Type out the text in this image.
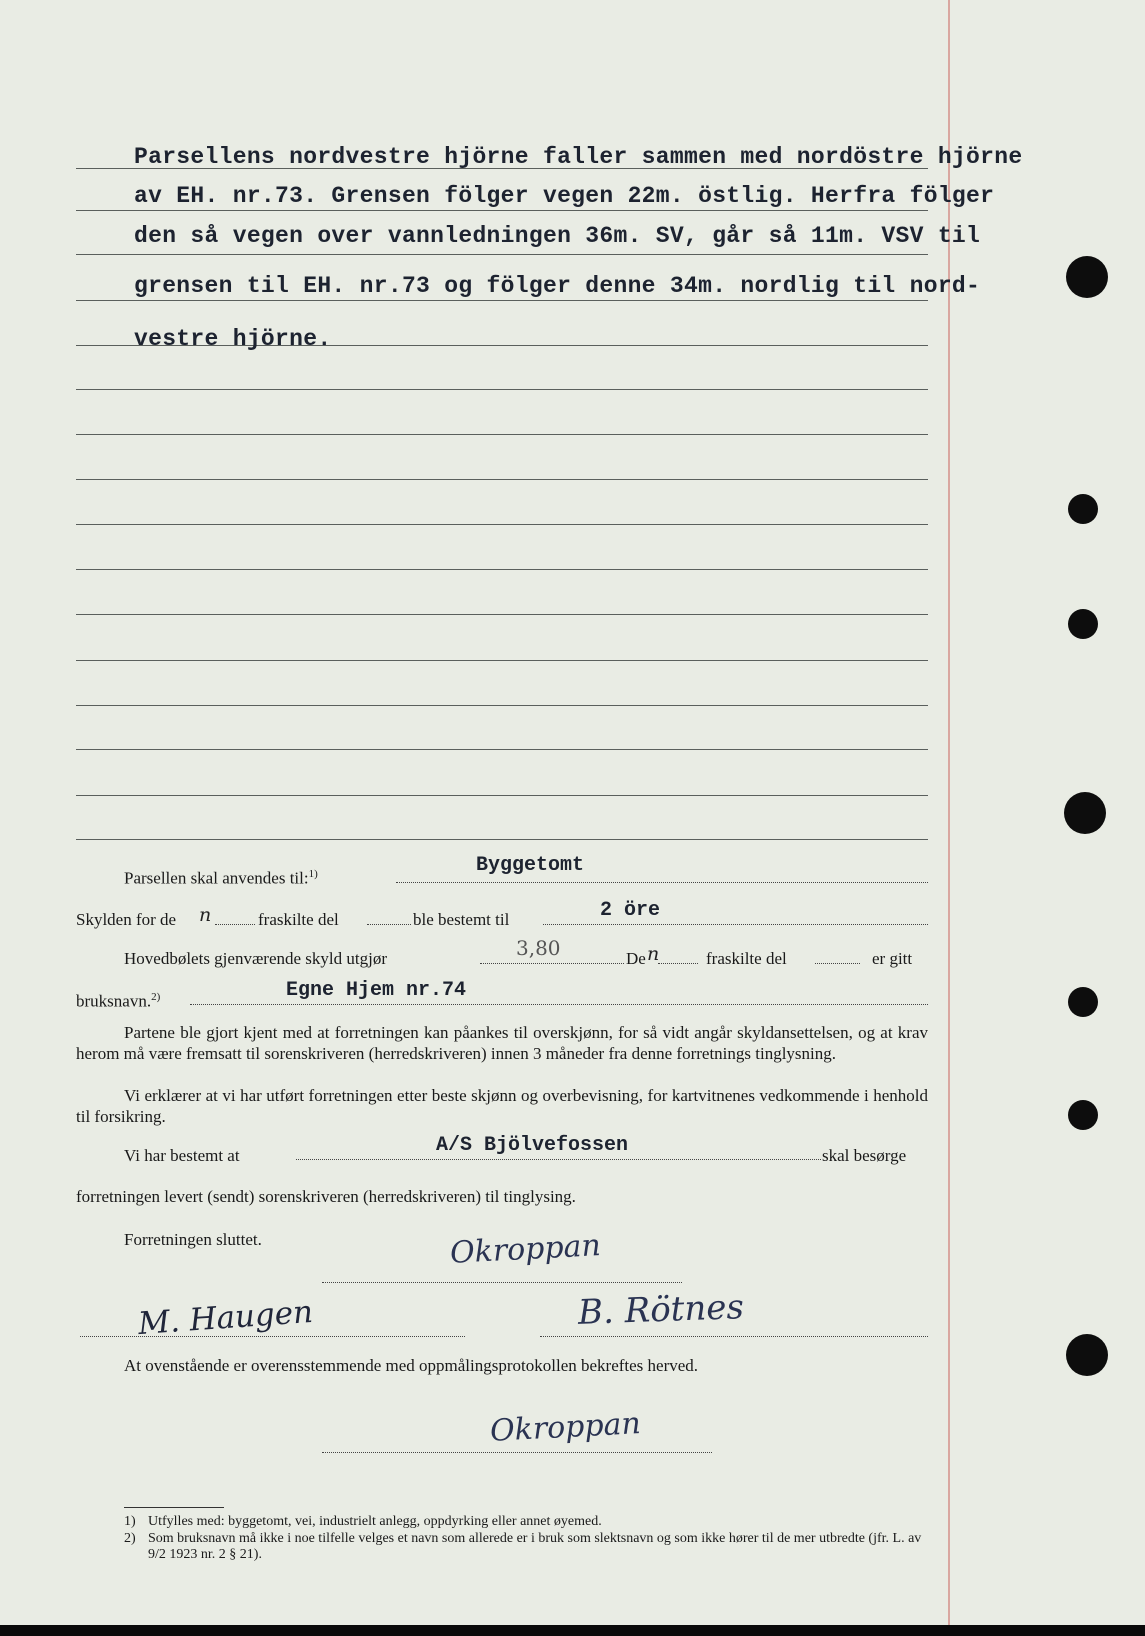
Parsellens nordvestre hjörne faller sammen med nordöstre hjörne
av EH. nr.73. Grensen fölger vegen 22m. östlig. Herfra fölger
den så vegen over vannledningen 36m. SV, går så 11m. VSV til
grensen til EH. nr.73 og fölger denne 34m. nordlig til nord-
vestre hjörne.
Parsellen skal anvendes til:$^{1)}$	Byggetomt
Skylden for de n	fraskilte del	ble bestemt til	2 öre
Hovedbølets gjenværende skyld utgjør	3,80	De n	fraskilte del	er gitt
bruksnavn.$^{2)}$	Egne Hjem nr.74
Partene ble gjort kjent med at forretningen kan påankes til overskjønn, for så vidt angår skyldansettelsen, og at krav herom må være fremsatt til sorenskriveren (herredskriveren) innen 3 måneder fra denne forretnings tinglysning.
Vi erklærer at vi har utført forretningen etter beste skjønn og overbevisning, for kartvitnenes vedkommende i henhold til forsikring.
Vi har bestemt at	A/S Bjölvefossen	skal besørge
forretningen levert (sendt) sorenskriveren (herredskriveren) til tinglysing.
Forretningen sluttet.	Okroppan
M. Haugen	B. Rötnes
At ovenstående er overensstemmende med oppmålingsprotokollen bekreftes herved.
Okroppan
1) Utfylles med: byggetomt, vei, industrielt anlegg, oppdyrking eller annet øyemed.
2) Som bruksnavn må ikke i noe tilfelle velges et navn som allerede er i bruk som slektsnavn og som ikke hører til de mer utbredte (jfr. L. av 9/2 1923 nr. 2 § 21).
